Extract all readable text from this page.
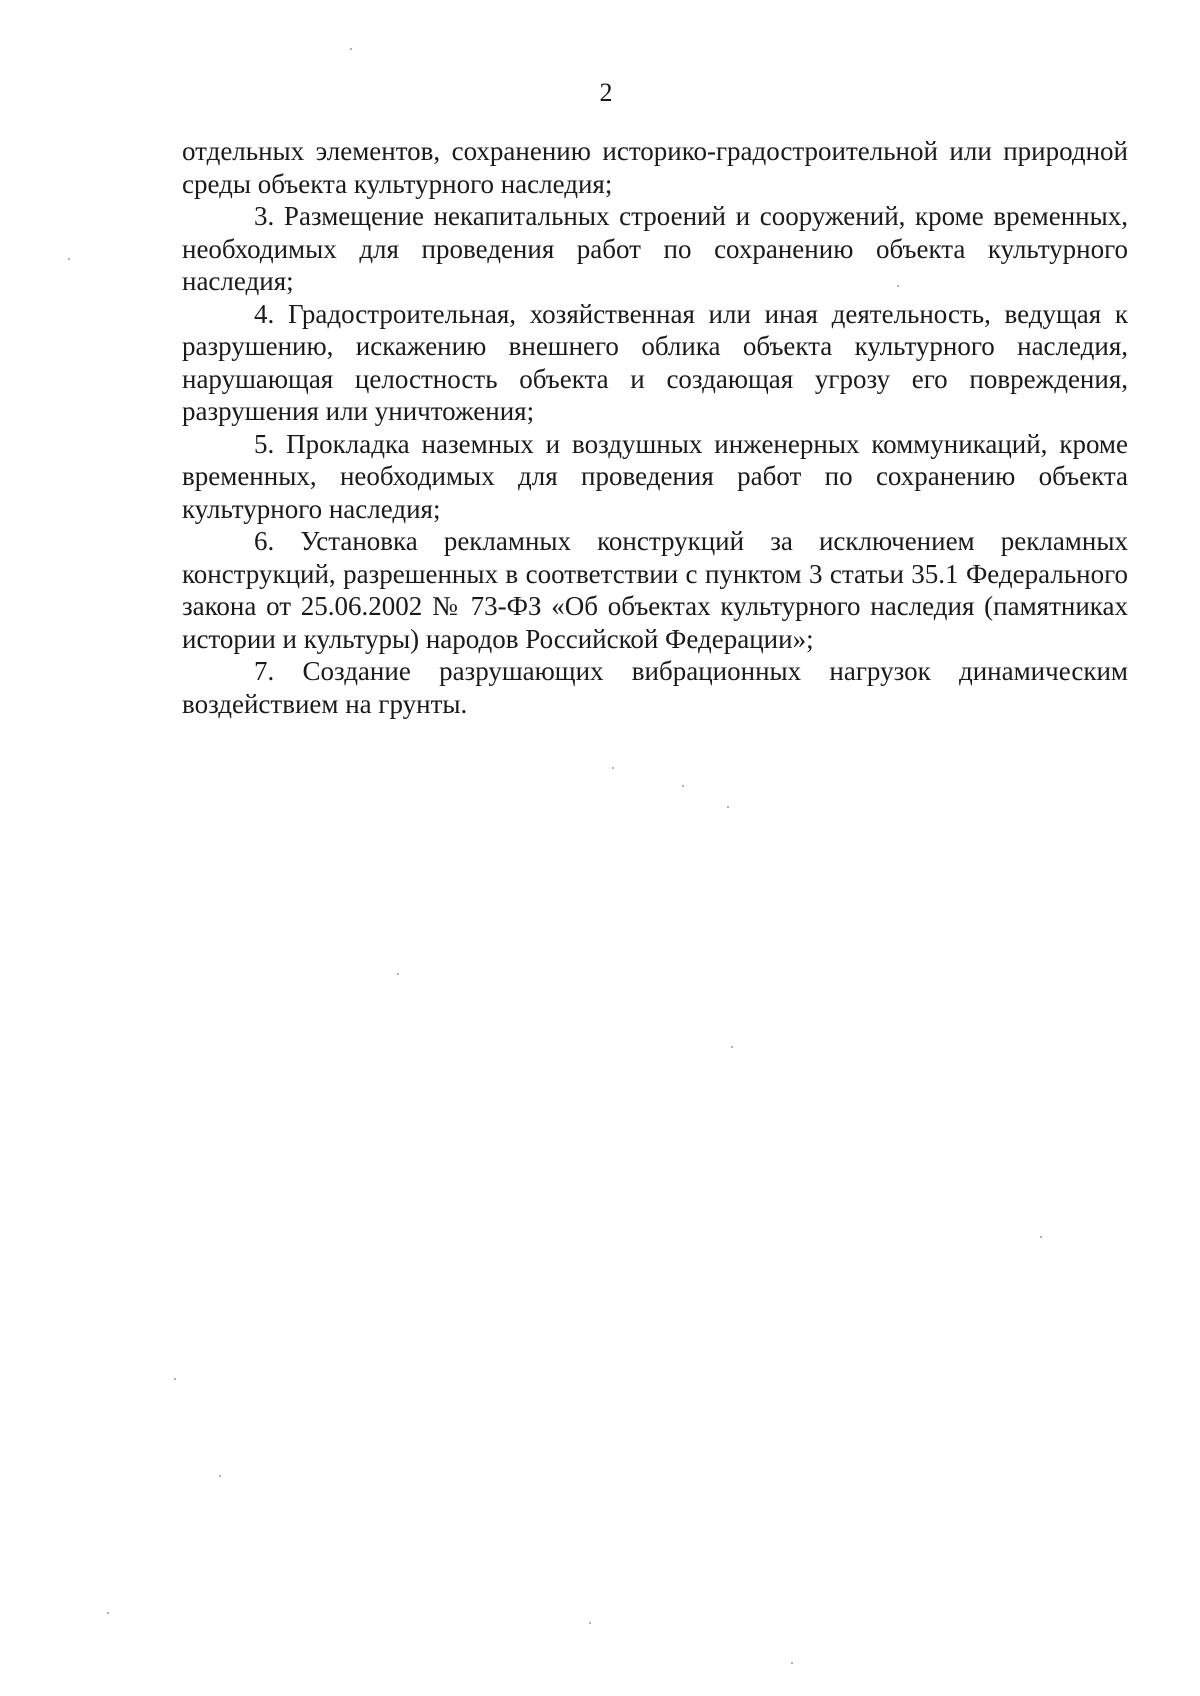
2

отдельных элементов, сохранению историко-градостроительной или природной среды объекта культурного наследия;

3. Размещение некапитальных строений и сооружений, кроме временных, необходимых для проведения работ по сохранению объекта культурного наследия;

4. Градостроительная, хозяйственная или иная деятельность, ведущая к разрушению, искажению внешнего облика объекта культурного наследия, нарушающая целостность объекта и создающая угрозу его повреждения, разрушения или уничтожения;

5. Прокладка наземных и воздушных инженерных коммуникаций, кроме временных, необходимых для проведения работ по сохранению объекта культурного наследия;

6. Установка рекламных конструкций за исключением рекламных конструкций, разрешенных в соответствии с пунктом 3 статьи 35.1 Федерального закона от 25.06.2002 № 73-ФЗ «Об объектах культурного наследия (памятниках истории и культуры) народов Российской Федерации»;

7. Создание разрушающих вибрационных нагрузок динамическим воздействием на грунты.
